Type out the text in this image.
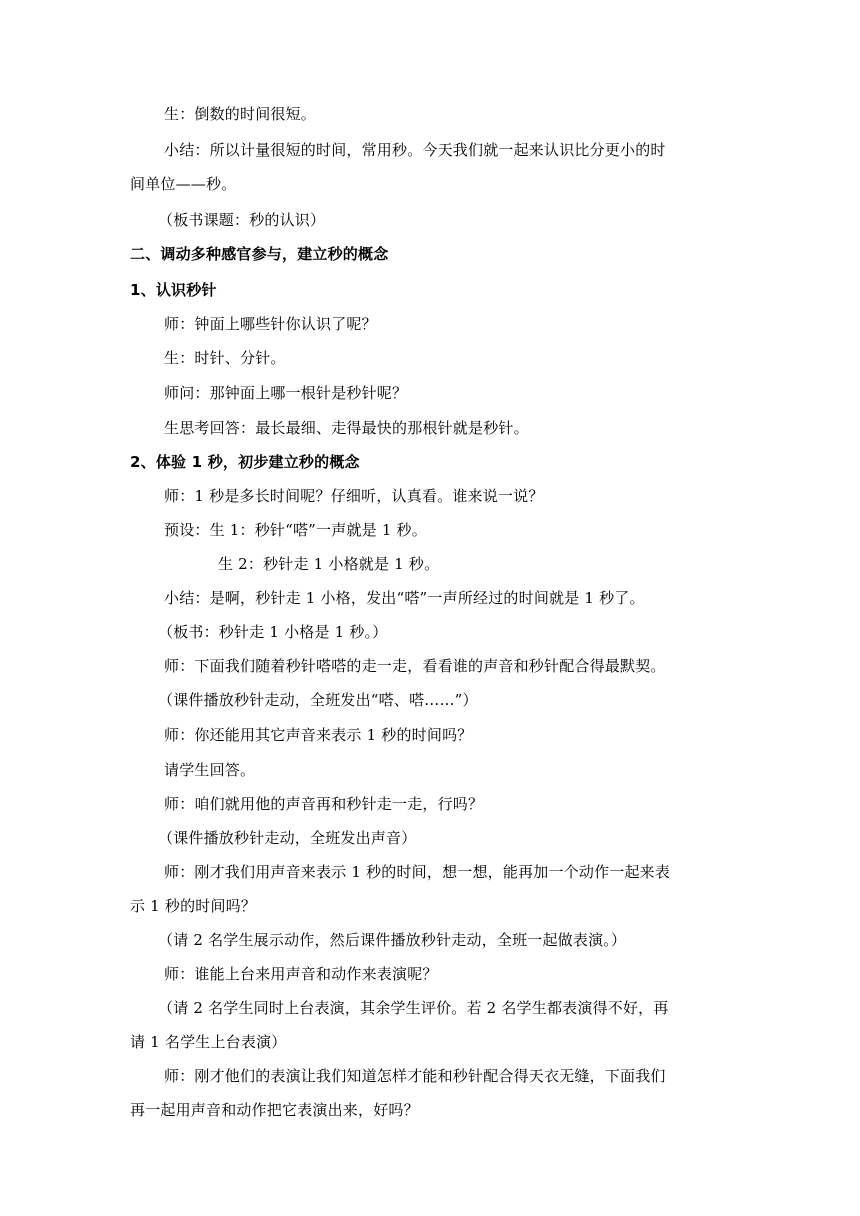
生：倒数的时间很短。
小结：所以计量很短的时间，常用秒。今天我们就一起来认识比分更小的时
间单位——秒。
（板书课题：秒的认识）
二、调动多种感官参与，建立秒的概念
1、认识秒针
师：钟面上哪些针你认识了呢？
生：时针、分针。
师问：那钟面上哪一根针是秒针呢？
生思考回答：最长最细、走得最快的那根针就是秒针。
2、体验 1 秒，初步建立秒的概念
师：1 秒是多长时间呢？仔细听，认真看。谁来说一说？
预设：生 1：秒针“嗒”一声就是 1 秒。
生 2：秒针走 1 小格就是 1 秒。
小结：是啊，秒针走 1 小格，发出“嗒”一声所经过的时间就是 1 秒了。
（板书：秒针走 1 小格是 1 秒。）
师：下面我们随着秒针嗒嗒的走一走，看看谁的声音和秒针配合得最默契。
（课件播放秒针走动，全班发出“嗒、嗒……”）
师：你还能用其它声音来表示 1 秒的时间吗？
请学生回答。
师：咱们就用他的声音再和秒针走一走，行吗？
（课件播放秒针走动，全班发出声音）
师：刚才我们用声音来表示 1 秒的时间，想一想，能再加一个动作一起来表
示 1 秒的时间吗？
（请 2 名学生展示动作，然后课件播放秒针走动，全班一起做表演。）
师：谁能上台来用声音和动作来表演呢？
（请 2 名学生同时上台表演，其余学生评价。若 2 名学生都表演得不好，再
请 1 名学生上台表演）
师：刚才他们的表演让我们知道怎样才能和秒针配合得天衣无缝，下面我们
再一起用声音和动作把它表演出来，好吗？
